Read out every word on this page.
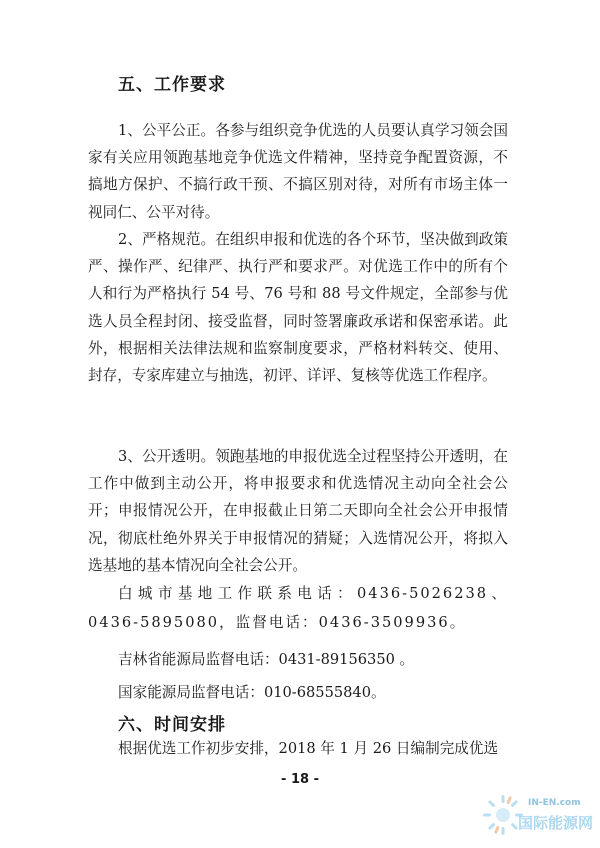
五、工作要求

1、公平公正。各参与组织竞争优选的人员要认真学习领会国家有关应用领跑基地竞争优选文件精神，坚持竞争配置资源，不搞地方保护、不搞行政干预、不搞区别对待，对所有市场主体一视同仁、公平对待。

2、严格规范。在组织申报和优选的各个环节，坚决做到政策严、操作严、纪律严、执行严和要求严。对优选工作中的所有个人和行为严格执行 54 号、76 号和 88 号文件规定，全部参与优选人员全程封闭、接受监督，同时签署廉政承诺和保密承诺。此外，根据相关法律法规和监察制度要求，严格材料转交、使用、封存，专家库建立与抽选，初评、详评、复核等优选工作程序。

3、公开透明。领跑基地的申报优选全过程坚持公开透明，在工作中做到主动公开，将申报要求和优选情况主动向全社会公开；申报情况公开，在申报截止日第二天即向全社会公开申报情况，彻底杜绝外界关于申报情况的猜疑；入选情况公开，将拟入选基地的基本情况向全社会公开。

白城市基地工作联系电话：0436-5026238、0436-5895080，监督电话：0436-3509936。

吉林省能源局监督电话：0431-89156350 。

国家能源局监督电话：010-68555840。

六、时间安排

根据优选工作初步安排，2018 年 1 月 26 日编制完成优选

- 18 -
IN-EN.com
国际能源网
